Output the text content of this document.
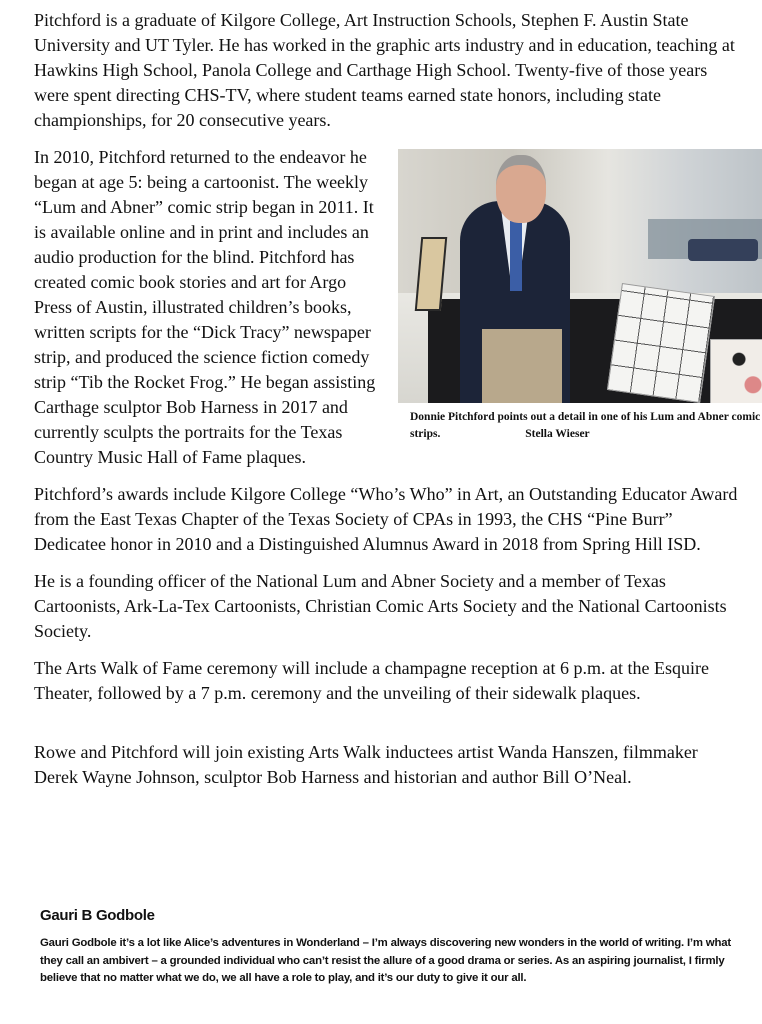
Pitchford is a graduate of Kilgore College, Art Instruction Schools, Stephen F. Austin State University and UT Tyler. He has worked in the graphic arts industry and in education, teaching at Hawkins High School, Panola College and Carthage High School. Twenty-five of those years were spent directing CHS-TV, where student teams earned state honors, including state championships, for 20 consecutive years.

Donnie Pitchford points out a detail in one of his Lum and Abner comic strips.	Stella Wieser

In 2010, Pitchford returned to the endeavor he began at age 5: being a cartoonist. The weekly “Lum and Abner” comic strip began in 2011. It is available online and in print and includes an audio production for the blind. Pitchford has created comic book stories and art for Argo Press of Austin, illustrated children’s books, written scripts for the “Dick Tracy” newspaper strip, and produced the science fiction comedy strip “Tib the Rocket Frog.” He began assisting Carthage sculptor Bob Harness in 2017 and currently sculpts the portraits for the Texas Country Music Hall of Fame plaques.

Pitchford’s awards include Kilgore College “Who’s Who” in Art, an Outstanding Educator Award from the East Texas Chapter of the Texas Society of CPAs in 1993, the CHS “Pine Burr” Dedicatee honor in 2010 and a Distinguished Alumnus Award in 2018 from Spring Hill ISD.

He is a founding officer of the National Lum and Abner Society and a member of Texas Cartoonists, Ark-La-Tex Cartoonists, Christian Comic Arts Society and the National Cartoonists Society.

The Arts Walk of Fame ceremony will include a champagne reception at 6 p.m. at the Esquire Theater, followed by a 7 p.m. ceremony and the unveiling of their sidewalk plaques.

Rowe and Pitchford will join existing Arts Walk inductees artist Wanda Hanszen, filmmaker Derek Wayne Johnson, sculptor Bob Harness and historian and author Bill O’Neal.

Gauri B Godbole
Gauri Godbole it’s a lot like Alice’s adventures in Wonderland – I’m always discovering new wonders in the world of writing. I’m what they call an ambivert – a grounded individual who can’t resist the allure of a good drama or series. As an aspiring journalist, I firmly believe that no matter what we do, we all have a role to play, and it’s our duty to give it our all.
